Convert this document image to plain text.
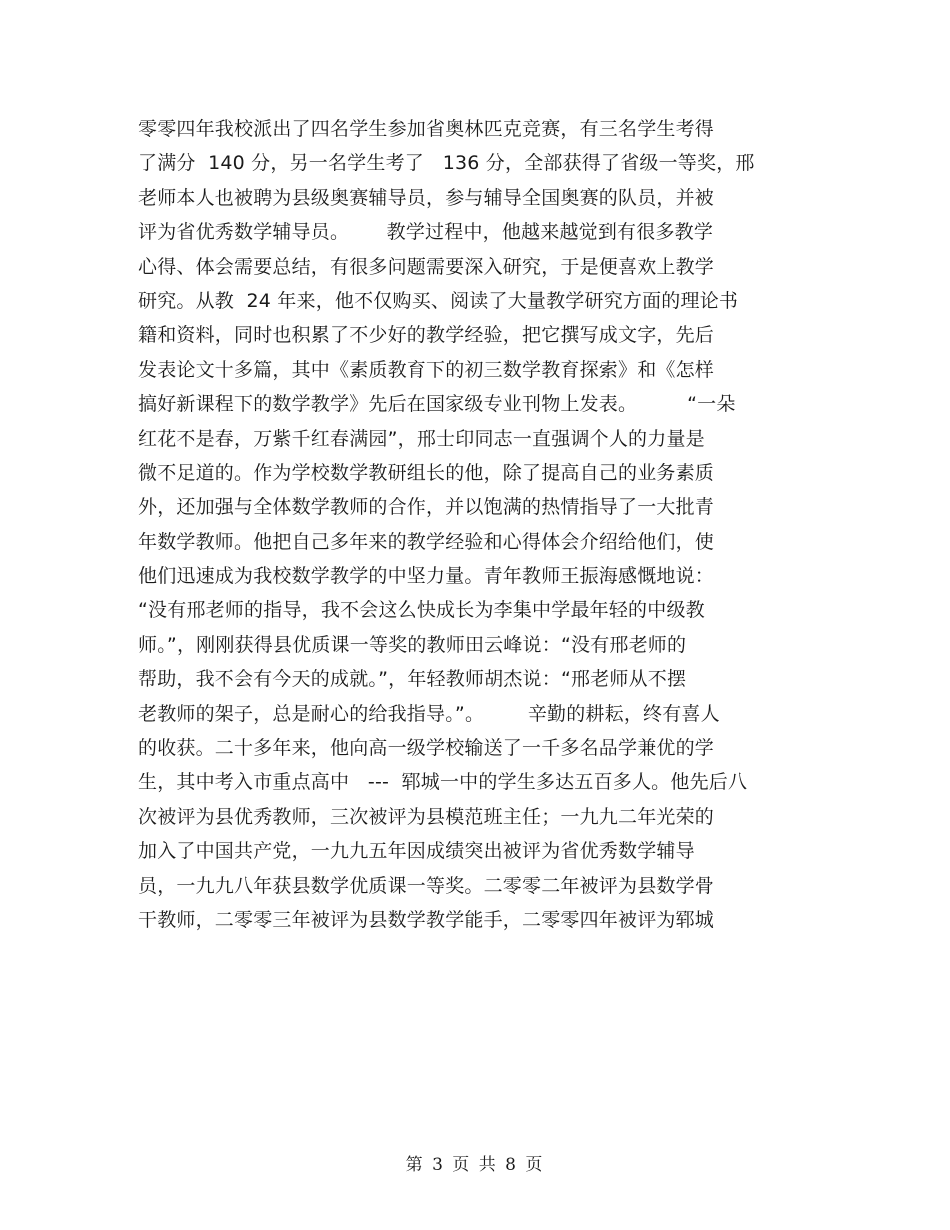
零零四年我校派出了四名学生参加省奥林匹克竞赛，有三名学生考得
了满分  140 分，另一名学生考了   136 分，全部获得了省级一等奖，邢
老师本人也被聘为县级奥赛辅导员，参与辅导全国奥赛的队员，并被
评为省优秀数学辅导员。      教学过程中，他越来越觉到有很多教学
心得、体会需要总结，有很多问题需要深入研究，于是便喜欢上教学
研究。从教  24 年来，他不仅购买、阅读了大量教学研究方面的理论书
籍和资料，同时也积累了不少好的教学经验，把它撰写成文字，先后
发表论文十多篇，其中《素质教育下的初三数学教育探索》和《怎样
搞好新课程下的数学教学》先后在国家级专业刊物上发表。        “一朵
红花不是春，万紫千红春满园”，邢士印同志一直强调个人的力量是
微不足道的。作为学校数学教研组长的他，除了提高自己的业务素质
外，还加强与全体数学教师的合作，并以饱满的热情指导了一大批青
年数学教师。他把自己多年来的教学经验和心得体会介绍给他们，使
他们迅速成为我校数学教学的中坚力量。青年教师王振海感慨地说：
“没有邢老师的指导，我不会这么快成长为李集中学最年轻的中级教
师。”，刚刚获得县优质课一等奖的教师田云峰说：“没有邢老师的
帮助，我不会有今天的成就。”，年轻教师胡杰说：“邢老师从不摆
老教师的架子，总是耐心的给我指导。”。       辛勤的耕耘，终有喜人
的收获。二十多年来，他向高一级学校输送了一千多名品学兼优的学
生，其中考入市重点高中   ---  郓城一中的学生多达五百多人。他先后八
次被评为县优秀教师，三次被评为县模范班主任；一九九二年光荣的
加入了中国共产党，一九九五年因成绩突出被评为省优秀数学辅导
员，一九九八年获县数学优质课一等奖。二零零二年被评为县数学骨
干教师，二零零三年被评为县数学教学能手，二零零四年被评为郓城
第 3 页 共 8 页
